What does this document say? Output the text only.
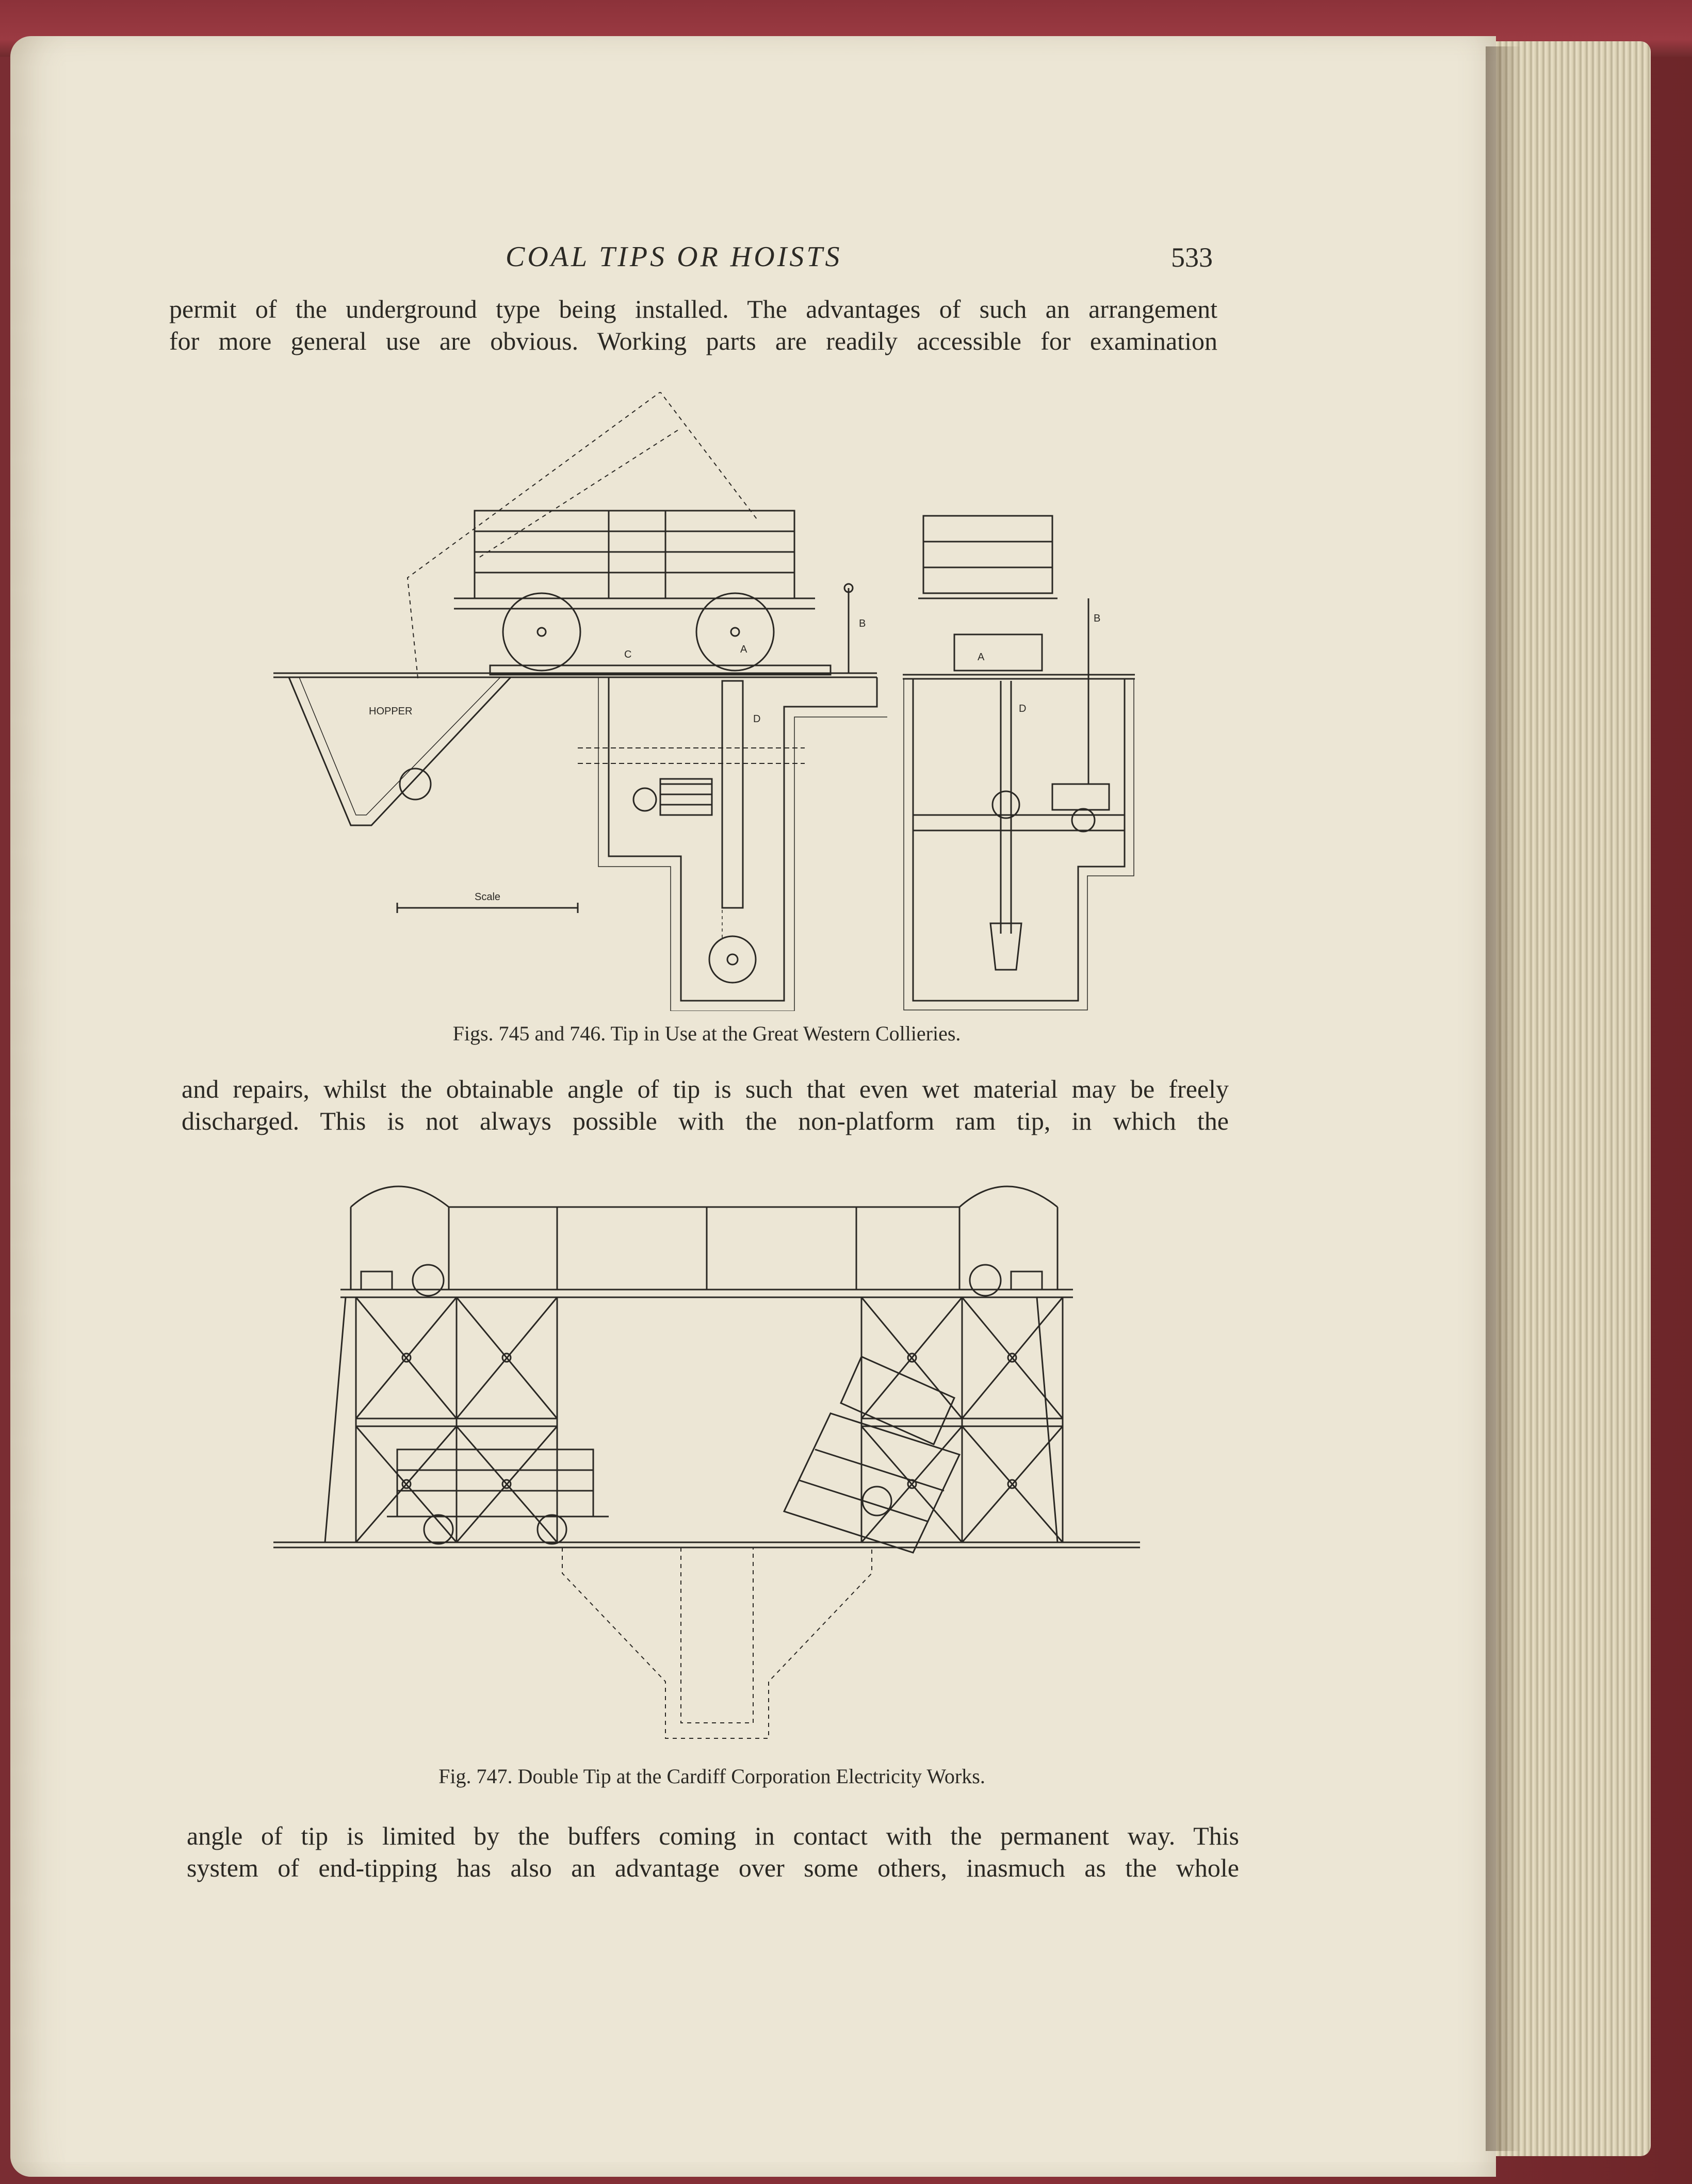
COAL TIPS OR HOISTS	533
permit of the underground type being installed. The advantages of such an arrangement
for more general use are obvious. Working parts are readily accessible for examination
HOPPER
Scale
A
B
C
D
B
A
D
Figs. 745 and 746. Tip in Use at the Great Western Collieries.
and repairs, whilst the obtainable angle of tip is such that even wet material may be freely
discharged. This is not always possible with the non-platform ram tip, in which the
Fig. 747. Double Tip at the Cardiff Corporation Electricity Works.
angle of tip is limited by the buffers coming in contact with the permanent way. This
system of end-tipping has also an advantage over some others, inasmuch as the whole
